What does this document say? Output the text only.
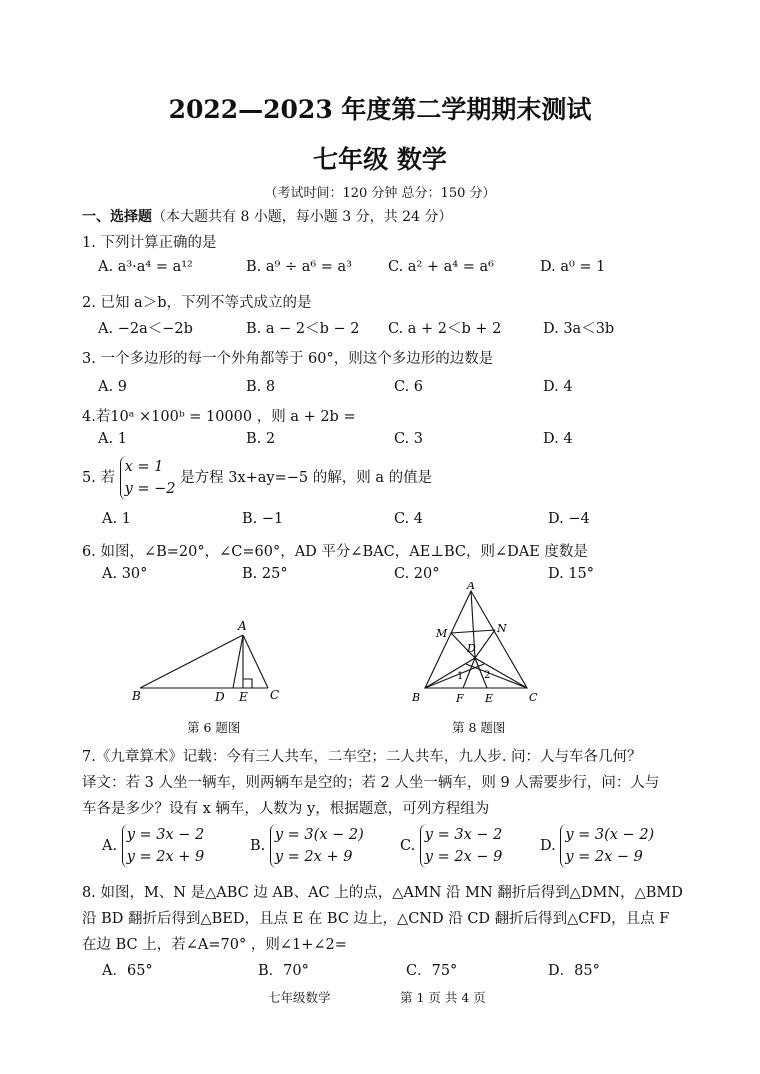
2022—2023 年度第二学期期末测试
七年级 数学
（考试时间：120 分钟 总分：150 分）
一、选择题（本大题共有 8 小题，每小题 3 分，共 24 分）
1. 下列计算正确的是
A. a³·a⁴ = a¹²	B. a⁹ ÷ a⁶ = a³ C. a² + a⁴ = a⁶	D. a⁰ = 1
2. 已知 a＞b，下列不等式成立的是
A. −2a＜−2b	B. a − 2＜b − 2 C. a + 2＜b + 2	D. 3a＜3b
3. 一个多边形的每一个外角都等于 60°，则这个多边形的边数是
A. 9	B. 8	C. 6	D. 4
4.若10ᵃ ×100ᵇ = 10000 ，则 a + 2b =
A. 1	B. 2	C. 3	D. 4
5. 若
x = 1
y = −2
是方程 3x+ay=−5 的解，则 a 的值是
A. 1	B. −1	C. 4	D. −4
6. 如图，∠B=20°，∠C=60°，AD 平分∠BAC，AE⊥BC，则∠DAE 度数是
A. 30°	B. 25°	C. 20°	D. 15°
A
B	D E C
第 6 题图
A
M	N
D
1 2
B	F E	C
第 8 题图
7.《九章算术》记载：今有三人共车，二车空；二人共车，九人步. 问：人与车各几何？
译文：若 3 人坐一辆车，则两辆车是空的；若 2 人坐一辆车，则 9 人需要步行，问：人与
车各是多少？设有 x 辆车，人数为 y，根据题意，可列方程组为
A.
y = 3x − 2
y = 2x + 9
B.
y = 3(x − 2)
y = 2x + 9
C.
y = 3x − 2
y = 2x − 9
D.
y = 3(x − 2)
y = 2x − 9
8. 如图，M、N 是△ABC 边 AB、AC 上的点，△AMN 沿 MN 翻折后得到△DMN，△BMD
沿 BD 翻折后得到△BED，且点 E 在 BC 边上，△CND 沿 CD 翻折后得到△CFD，且点 F
在边 BC 上，若∠A=70° ，则∠1+∠2=
A．65°	B．70°	C．75°	D．85°
七年级数学	第 1 页 共 4 页
